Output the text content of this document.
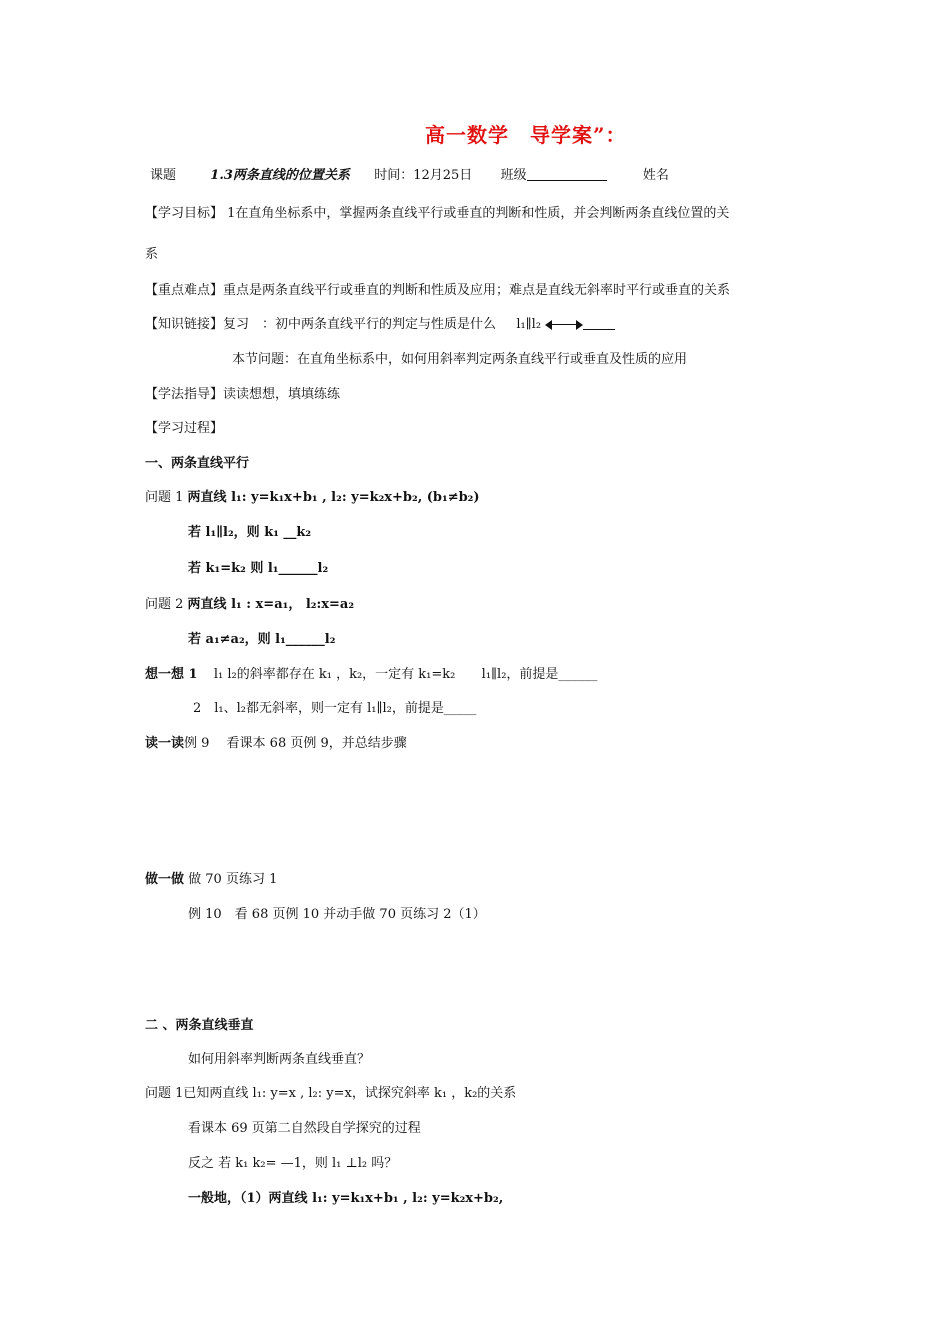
高一数学　导学案”：
课题	1.3两条直线的位置关系 时间：12月25日 班级	姓名
【学习目标】 1在直角坐标系中，掌握两条直线平行或垂直的判断和性质，并会判断两条直线位置的关
系
【重点难点】重点是两条直线平行或垂直的判断和性质及应用；难点是直线无斜率时平行或垂直的关系
【知识链接】复习　：初中两条直线平行的判定与性质是什么 l₁∥l₂
本节问题：在直角坐标系中，如何用斜率判定两条直线平行或垂直及性质的应用
【学法指导】读读想想，填填练练
【学习过程】
一、两条直线平行
问题 1 两直线 l₁: y=k₁x+b₁ , l₂: y=k₂x+b₂, (b₁≠b₂)
若 l₁∥l₂，则 k₁ __k₂
若 k₁=k₂ 则 l₁______l₂
问题 2 两直线 l₁ : x=a₁， l₂:x=a₂
若 a₁≠a₂，则 l₁______l₂
想一想 1 l₁ l₂的斜率都存在 k₁ ，k₂，一定有 k₁=k₂ l₁∥l₂，前提是______
2　l₁、l₂都无斜率，则一定有 l₁∥l₂，前提是_____
读一读例 9　 看课本 68 页例 9，并总结步骤
做一做 做 70 页练习 1
例 10　看 68 页例 10 并动手做 70 页练习 2（1）
二 、两条直线垂直
如何用斜率判断两条直线垂直？
问题 1已知两直线 l₁: y=x , l₂: y=x，试探究斜率 k₁ ，k₂的关系
看课本 69 页第二自然段自学探究的过程
反之 若 k₁ k₂= —1，则 l₁ ⊥l₂ 吗？
一般地，（1）两直线 l₁: y=k₁x+b₁ , l₂: y=k₂x+b₂,
